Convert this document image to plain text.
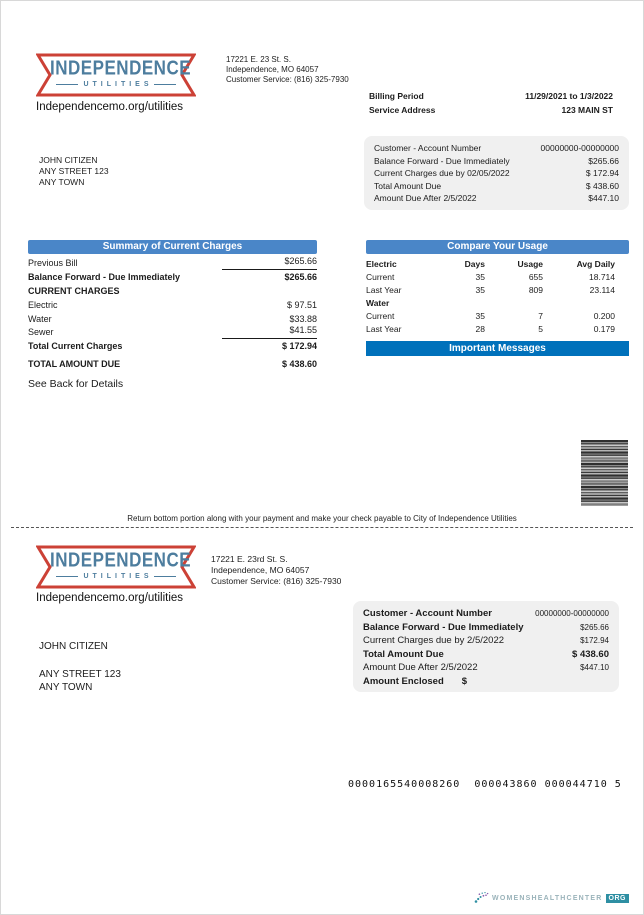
INDEPENDENCE
UTILITIES
17221 E. 23 St. S.
Independence, MO 64057
Customer Service: (816) 325-7930
Independencemo.org/utilities
Billing Period	11/29/2021 to 1/3/2022
Service Address	123 MAIN ST
Customer - Account Number	00000000-00000000
Balance Forward - Due Immediately	$265.66
Current Charges due by 02/05/2022	$ 172.94
Total Amount Due	$ 438.60
Amount Due After 2/5/2022	$447.10
JOHN CITIZEN
ANY STREET 123
ANY TOWN
Summary of Current Charges
Previous Bill	$265.66
Balance Forward - Due Immediately	$265.66
CURRENT CHARGES
Electric	$ 97.51
Water	$33.88
Sewer	$41.55
Total Current Charges	$ 172.94
TOTAL AMOUNT DUE	$ 438.60
See Back for Details
Compare Your Usage
Electric	Days	Usage	Avg Daily
Current	35	655	18.714
Last Year	35	809	23.114
Water
Current	35	7	0.200
Last Year	28	5	0.179
Important Messages
Return bottom portion along with your payment and make your check payable to City of Independence Utilities
INDEPENDENCE
UTILITIES
17221 E. 23rd St. S.
Independence, MO 64057
Customer Service: (816) 325-7930
Independencemo.org/utilities
Customer - Account Number	00000000-00000000
Balance Forward - Due Immediately	$265.66
Current Charges due by 2/5/2022	$172.94
Total Amount Due	$ 438.60
Amount Due After 2/5/2022	$447.10
Amount Enclosed $
JOHN CITIZEN
ANY STREET 123
ANY TOWN
0000165540008260  000043860 000044710 5
WOMENSHEALTHCENTER ORG
